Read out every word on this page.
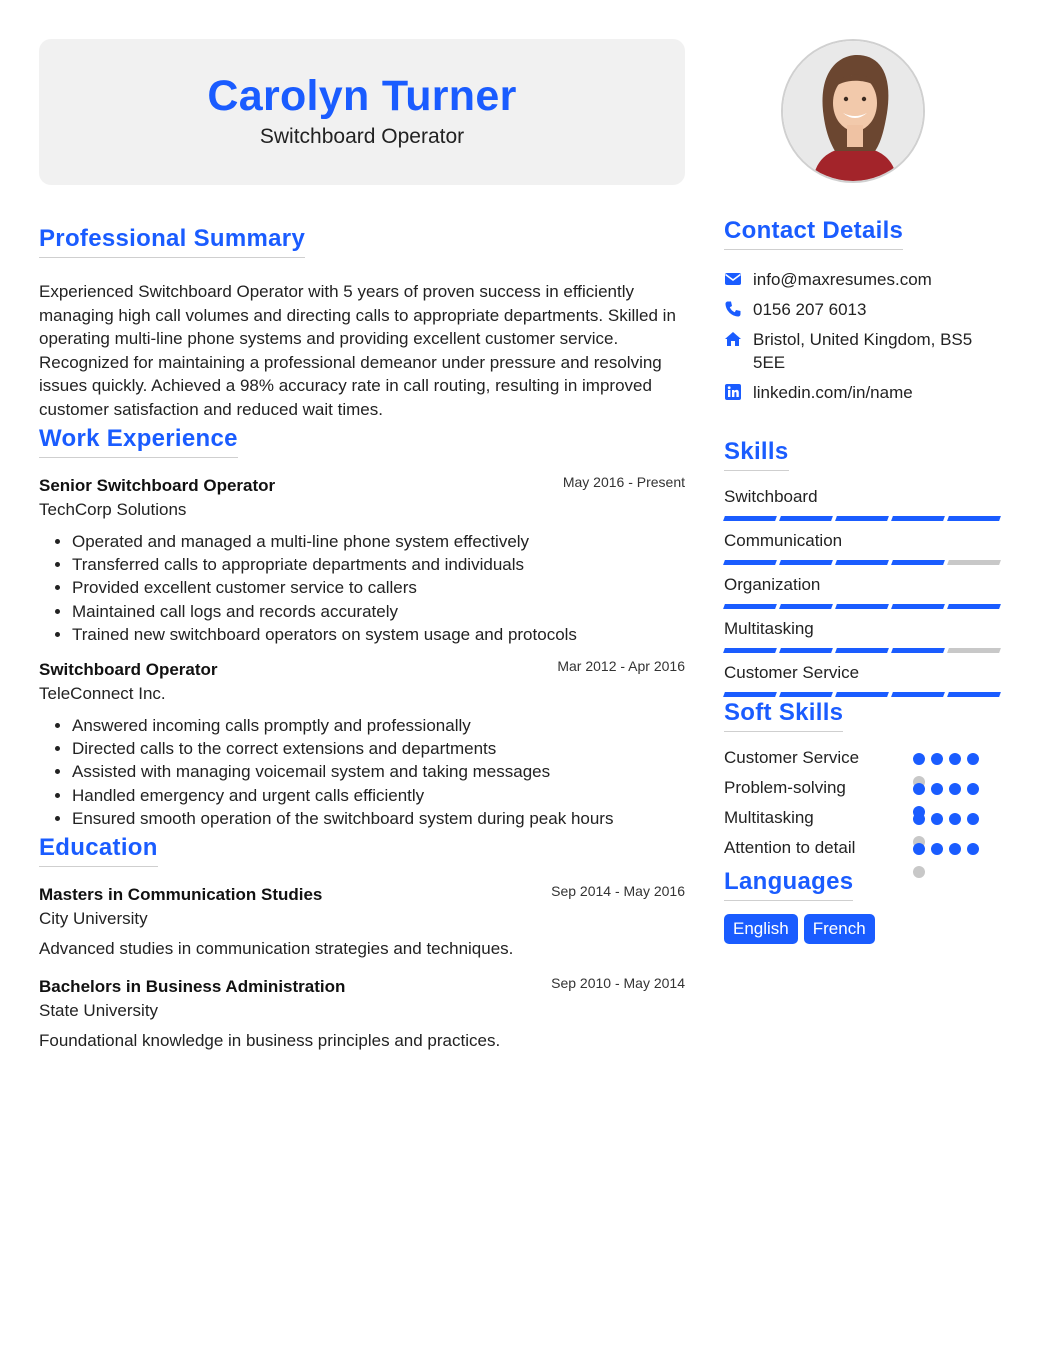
Carolyn Turner
Switchboard Operator
Professional Summary

Experienced Switchboard Operator with 5 years of proven success in efficiently managing high call volumes and directing calls to appropriate departments. Skilled in operating multi-line phone systems and providing excellent customer service. Recognized for maintaining a professional demeanor under pressure and resolving issues quickly. Achieved a 98% accuracy rate in call routing, resulting in improved customer satisfaction and reduced wait times.

Work Experience
Senior Switchboard Operator	May 2016 - Present
TechCorp Solutions
• Operated and managed a multi-line phone system effectively
• Transferred calls to appropriate departments and individuals
• Provided excellent customer service to callers
• Maintained call logs and records accurately
• Trained new switchboard operators on system usage and protocols
Switchboard Operator	Mar 2012 - Apr 2016
TeleConnect Inc.
• Answered incoming calls promptly and professionally
• Directed calls to the correct extensions and departments
• Assisted with managing voicemail system and taking messages
• Handled emergency and urgent calls efficiently
• Ensured smooth operation of the switchboard system during peak hours
Education
Masters in Communication Studies	Sep 2014 - May 2016
City University
Advanced studies in communication strategies and techniques.
Bachelors in Business Administration	Sep 2010 - May 2014
State University
Foundational knowledge in business principles and practices.
Contact Details
info@maxresumes.com
0156 207 6013
Bristol, United Kingdom, BS5 5EE
linkedin.com/in/name
Skills
Switchboard
Communication
Organization
Multitasking
Customer Service
Soft Skills
Customer Service
Problem-solving
Multitasking
Attention to detail
Languages
English	French
